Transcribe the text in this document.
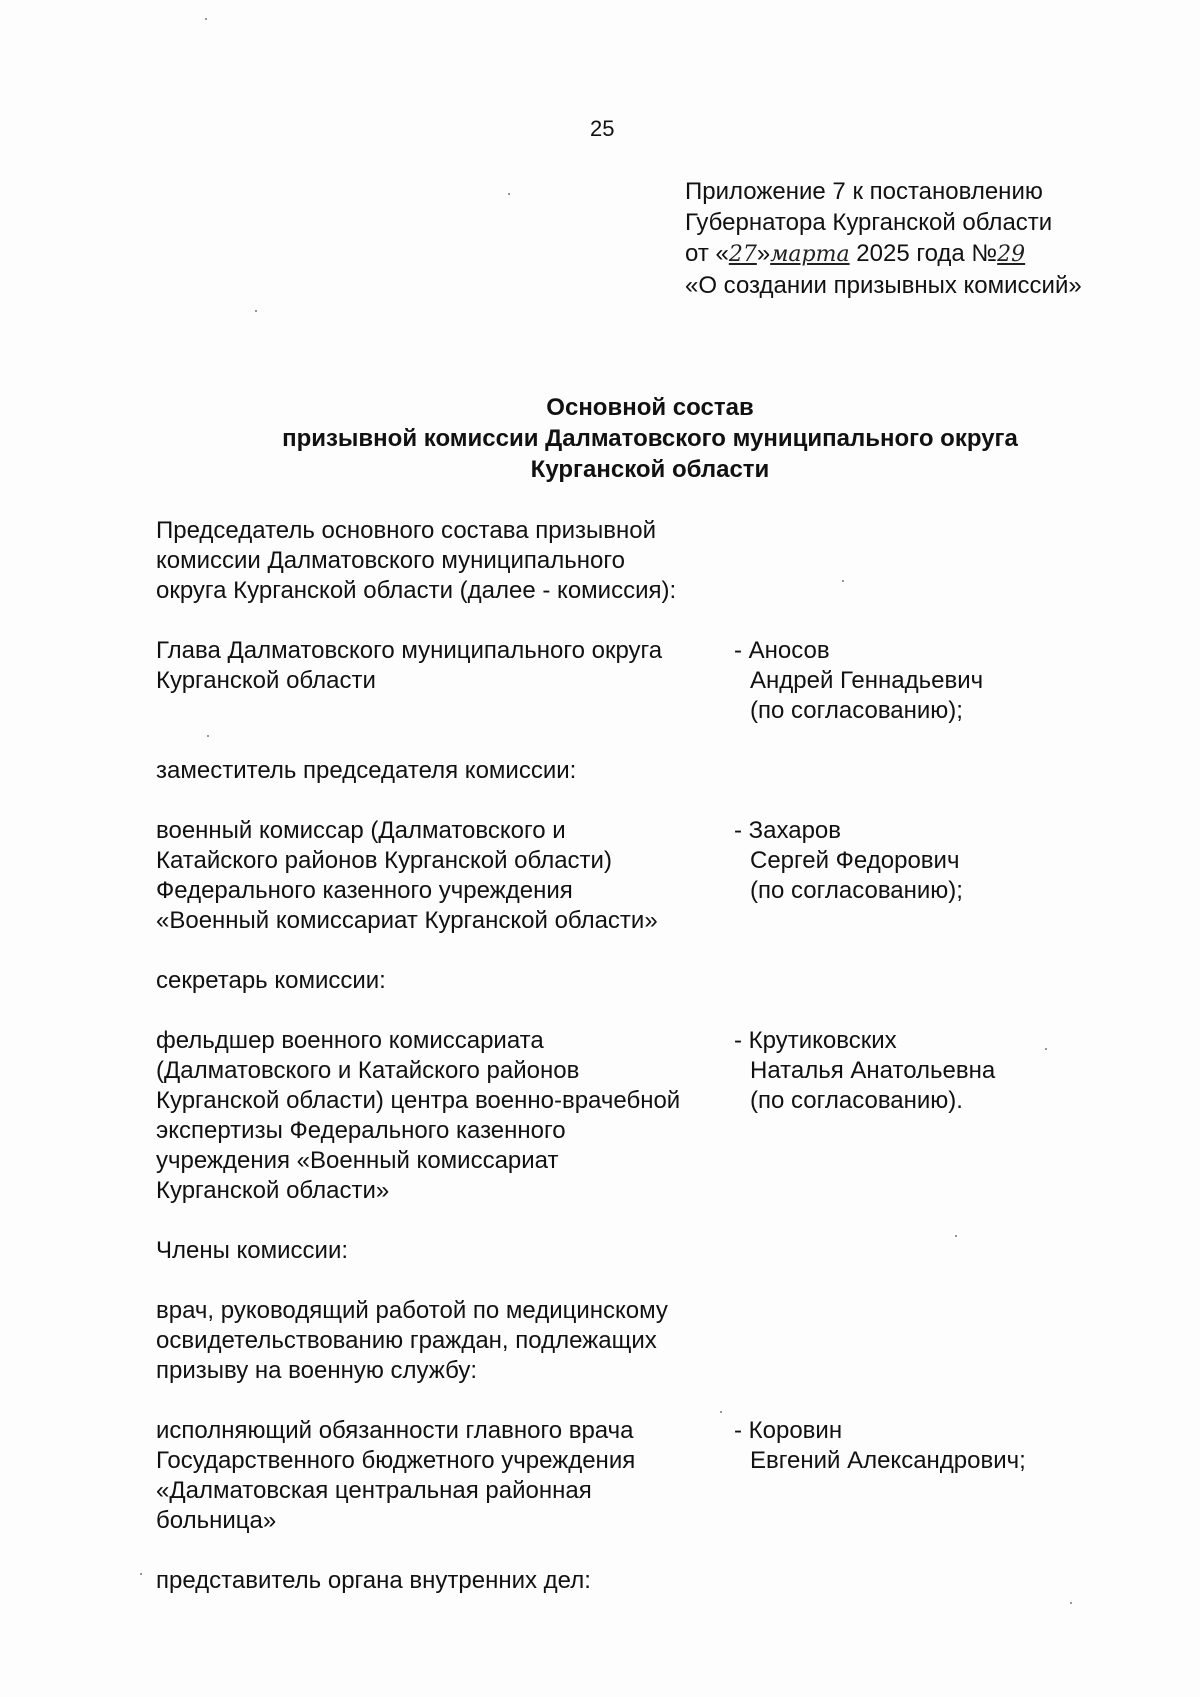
25
Приложение 7 к постановлению
Губернатора Курганской области
от «27»марта 2025 года №29
«О создании призывных комиссий»
Основной состав
призывной комиссии Далматовского муниципального округа
Курганской области
Председатель основного состава призывной
комиссии Далматовского муниципального
округа Курганской области (далее - комиссия):
Глава Далматовского муниципального округа
Курганской области
- Аносов
Андрей Геннадьевич
(по согласованию);
заместитель председателя комиссии:
военный комиссар (Далматовского и
Катайского районов Курганской области)
Федерального казенного учреждения
«Военный комиссариат Курганской области»
- Захаров
Сергей Федорович
(по согласованию);
секретарь комиссии:
фельдшер военного комиссариата
(Далматовского и Катайского районов
Курганской области) центра военно-врачебной
экспертизы Федерального казенного
учреждения «Военный комиссариат
Курганской области»
- Крутиковских
Наталья Анатольевна
(по согласованию).
Члены комиссии:
врач, руководящий работой по медицинскому
освидетельствованию граждан, подлежащих
призыву на военную службу:
исполняющий обязанности главного врача
Государственного бюджетного учреждения
«Далматовская центральная районная
больница»
- Коровин
Евгений Александрович;
представитель органа внутренних дел:
